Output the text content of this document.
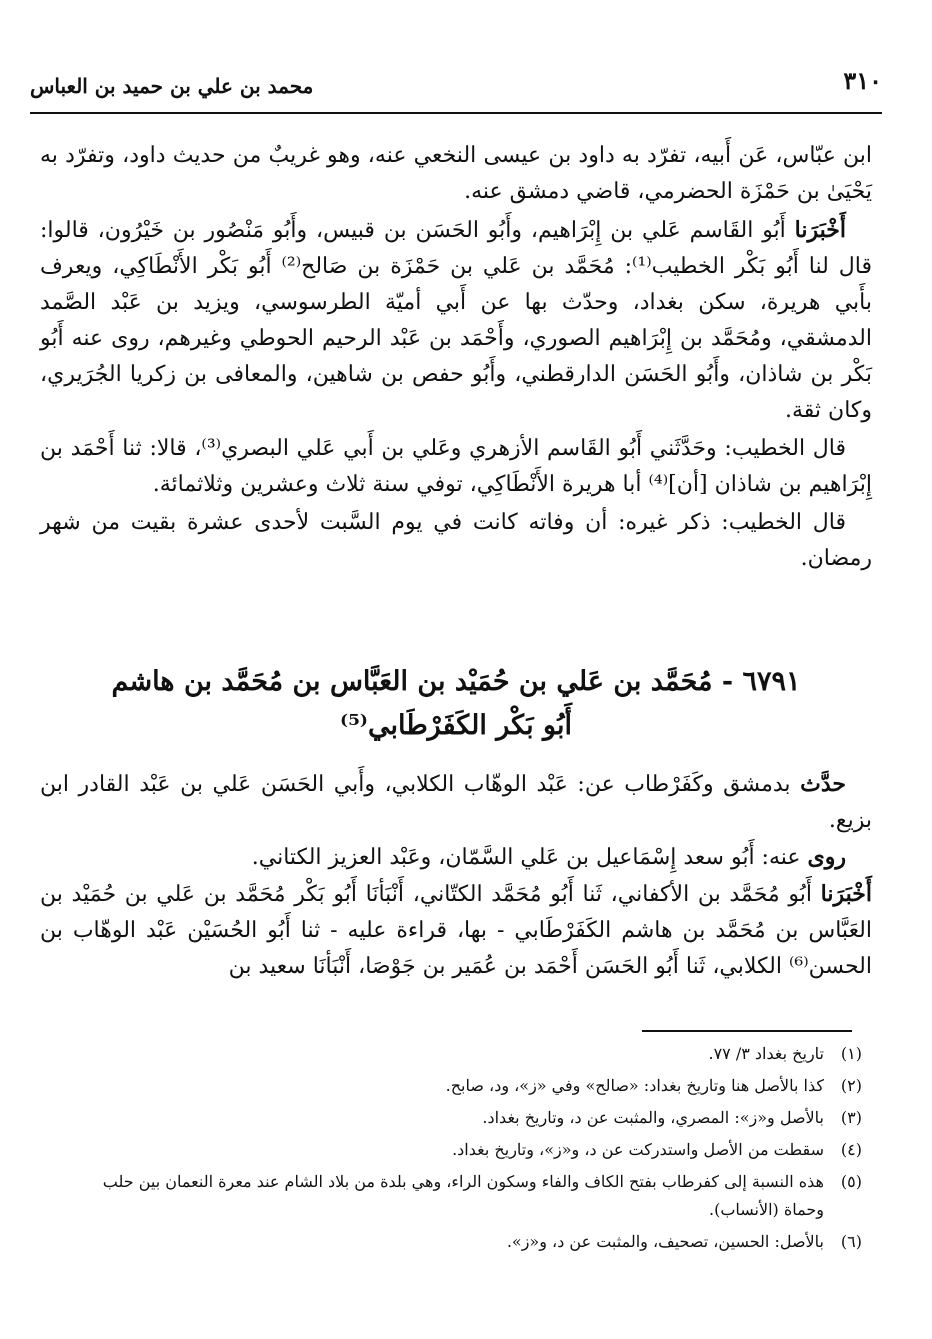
٣١٠
محمد بن علي بن حميد بن العباس

ابن عبّاس، عَن أَبيه، تفرّد به داود بن عيسى النخعي عنه، وهو غريبٌ من حديث داود، وتفرّد به يَحْيَىٰ بن حَمْزَة الحضرمي، قاضي دمشق عنه.

أَخْبَرَنا أَبُو القَاسم عَلي بن إِبْرَاهيم، وأَبُو الحَسَن بن قبيس، وأَبُو مَنْصُور بن خَيْرُون، قالوا: قال لنا أَبُو بَكْر الخطيب⁽¹⁾: مُحَمَّد بن عَلي بن حَمْزَة بن صَالح⁽²⁾ أَبُو بَكْر الأَنْطَاكِي، ويعرف بأَبي هريرة، سكن بغداد، وحدّث بها عن أَبي أميّة الطرسوسي، ويزيد بن عَبْد الصَّمد الدمشقي، ومُحَمَّد بن إِبْرَاهيم الصوري، وأَحْمَد بن عَبْد الرحيم الحوطي وغيرهم، روى عنه أَبُو بَكْر بن شاذان، وأَبُو الحَسَن الدارقطني، وأَبُو حفص بن شاهين، والمعافى بن زكريا الجُرَيري، وكان ثقة.

قال الخطيب: وحَدَّثَني أَبُو القَاسم الأزهري وعَلي بن أَبي عَلي البصري⁽³⁾، قالا: ثنا أَحْمَد بن إِبْرَاهيم بن شاذان [أن]⁽⁴⁾ أبا هريرة الأَنْطَاكِي، توفي سنة ثلاث وعشرين وثلاثمائة.

قال الخطيب: ذكر غيره: أن وفاته كانت في يوم السَّبت لأحدى عشرة بقيت من شهر رمضان.

٦٧٩١ - مُحَمَّد بن عَلي بن حُمَيْد بن العَبَّاس بن مُحَمَّد بن هاشم
أَبُو بَكْر الكَفَرْطَابي⁽⁵⁾

حدَّث بدمشق وكَفَرْطاب عن: عَبْد الوهّاب الكلابي، وأَبي الحَسَن عَلي بن عَبْد القادر ابن بزيع.

روى عنه: أَبُو سعد إِسْمَاعيل بن عَلي السَّمّان، وعَبْد العزيز الكتاني.

أَخْبَرَنا أَبُو مُحَمَّد بن الأكفاني، ثَنا أَبُو مُحَمَّد الكتّاني، أَنْبَأنَا أَبُو بَكْر مُحَمَّد بن عَلي بن حُمَيْد بن العَبَّاس بن مُحَمَّد بن هاشم الكَفَرْطَابي - بها، قراءة عليه - ثنا أَبُو الحُسَيْن عَبْد الوهّاب بن الحسن⁽⁶⁾ الكلابي، ثَنا أَبُو الحَسَن أَحْمَد بن عُمَير بن جَوْصَا، أَنْبَأنَا سعيد بن

(١)
تاريخ بغداد ٣/ ٧٧.
(٢)
كذا بالأصل هنا وتاريخ بغداد: «صالح» وفي «ز»، ود، صابح.
(٣)
بالأصل و«ز»: المصري، والمثبت عن د، وتاريخ بغداد.
(٤)
سقطت من الأصل واستدركت عن د، و«ز»، وتاريخ بغداد.
(٥)
هذه النسبة إلى كفرطاب بفتح الكاف والفاء وسكون الراء، وهي بلدة من بلاد الشام عند معرة النعمان بين حلب وحماة (الأنساب).
(٦)
بالأصل: الحسين، تصحيف، والمثبت عن د، و«ز».
